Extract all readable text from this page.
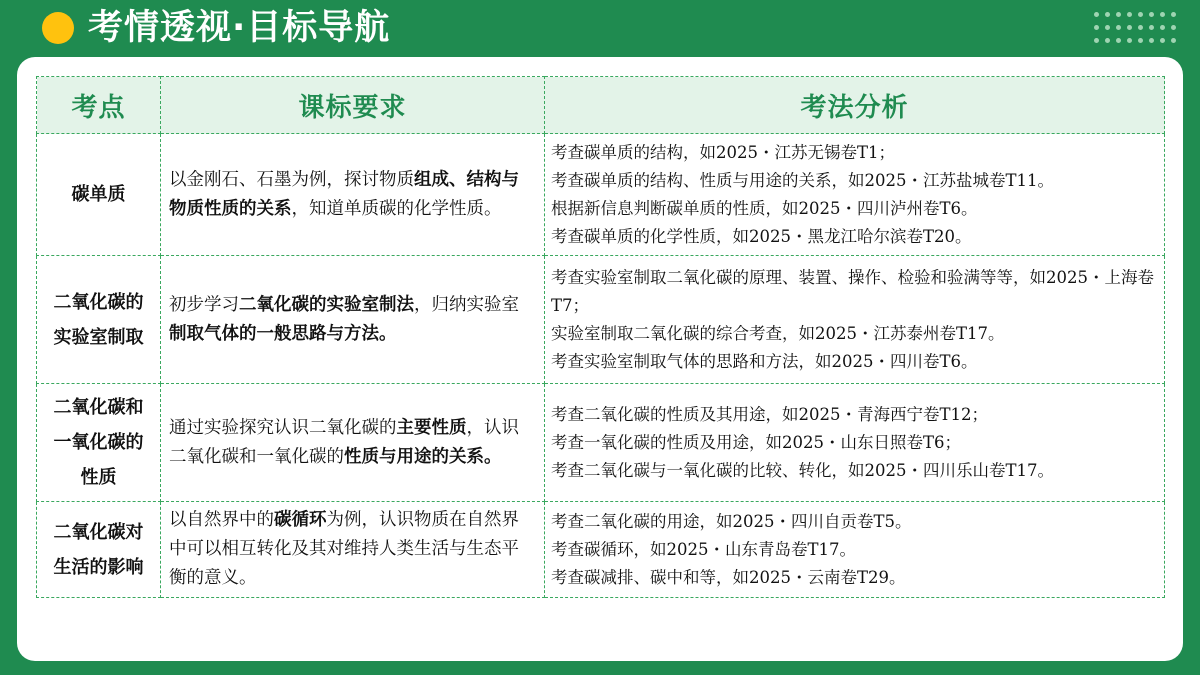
考情透视·目标导航
考点	课标要求	考法分析

碳单质	以金刚石、石墨为例，探讨物质组成、结构与物质性质的关系，知道单质碳的化学性质。	考查碳单质的结构，如2025・江苏无锡卷T1；
考查碳单质的结构、性质与用途的关系，如2025・江苏盐城卷T11。
根据新信息判断碳单质的性质，如2025・四川泸州卷T6。
考查碳单质的化学性质，如2025・黑龙江哈尔滨卷T20。

二氧化碳的
实验室制取	初步学习二氧化碳的实验室制法，归纳实验室制取气体的一般思路与方法。	考查实验室制取二氧化碳的原理、装置、操作、检验和验满等等，如2025・上海卷T7；
实验室制取二氧化碳的综合考查，如2025・江苏泰州卷T17。
考查实验室制取气体的思路和方法，如2025・四川卷T6。

二氧化碳和
一氧化碳的
性质	通过实验探究认识二氧化碳的主要性质，认识二氧化碳和一氧化碳的性质与用途的关系。	考查二氧化碳的性质及其用途，如2025・青海西宁卷T12；
考查一氧化碳的性质及用途，如2025・山东日照卷T6；
考查二氧化碳与一氧化碳的比较、转化，如2025・四川乐山卷T17。

二氧化碳对
生活的影响	以自然界中的碳循环为例，认识物质在自然界中可以相互转化及其对维持人类生活与生态平衡的意义。	考查二氧化碳的用途，如2025・四川自贡卷T5。
考查碳循环，如2025・山东青岛卷T17。
考查碳减排、碳中和等，如2025・云南卷T29。
